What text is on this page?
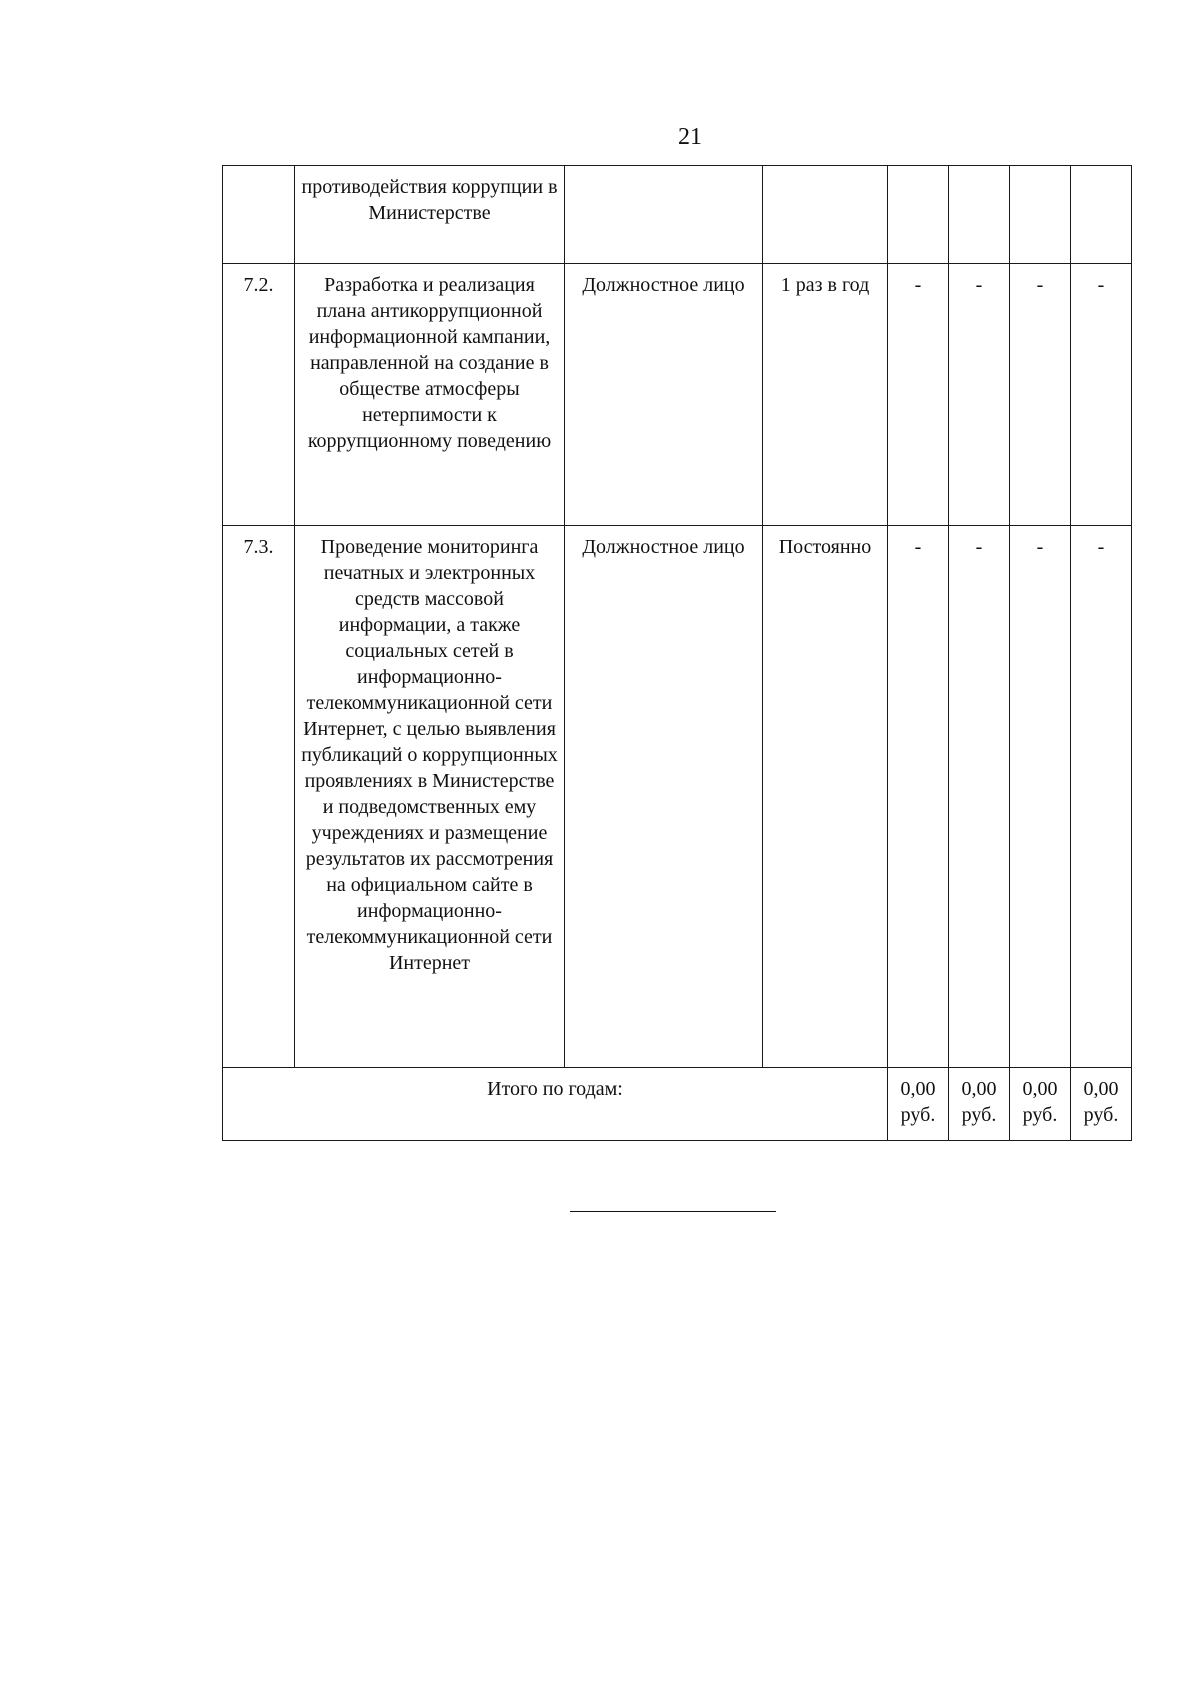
21
	противодействия коррупции в Министерстве						
7.2.	Разработка и реализация плана антикоррупционной информационной кампании, направленной на создание в обществе атмосферы нетерпимости к коррупционному поведению	Должностное лицо	1 раз в год	-	-	-	-
7.3.	Проведение мониторинга печатных и электронных средств массовой информации, а также социальных сетей в информационно-телекоммуникационной сети Интернет, с целью выявления публикаций о коррупционных проявлениях в Министерстве и подведомственных ему учреждениях и размещение результатов их рассмотрения на официальном сайте в информационно-телекоммуникационной сети Интернет	Должностное лицо	Постоянно	-	-	-	-
Итого по годам:				0,00 руб.	0,00 руб.	0,00 руб.	0,00 руб.
